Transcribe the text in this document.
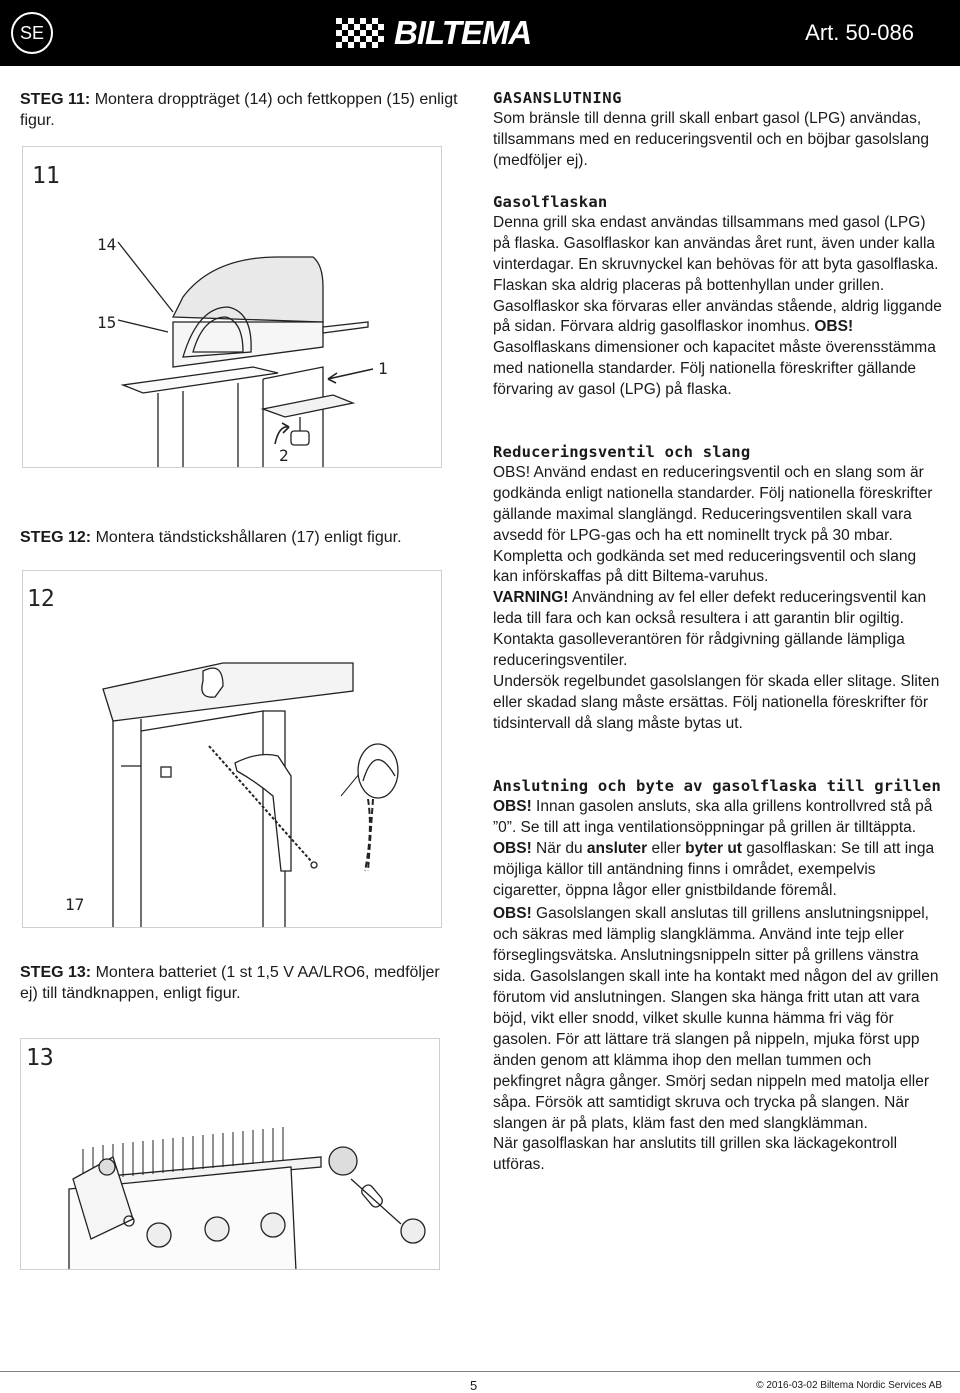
SE	BILTEMA	Art. 50-086
STEG 11: Montera droppträget (14) och fettkoppen (15) enligt figur.
11
14
15
1
2
STEG 12: Montera tändstickshållaren (17) enligt figur.
12
17
STEG 13: Montera batteriet (1 st 1,5 V AA/LRO6, medföljer ej) till tändknappen, enligt figur.
13

GASANSLUTNING

Som bränsle till denna grill skall enbart gasol (LPG) användas, tillsammans med en reduceringsventil och en böjbar gasolslang (medföljer ej).

Gasolflaskan

Denna grill ska endast användas tillsammans med gasol (LPG) på flaska. Gasolflaskor kan användas året runt, även under kalla vinterdagar. En skruvnyckel kan behövas för att byta gasolflaska. Flaskan ska aldrig placeras på bottenhyllan under grillen. Gasolflaskor ska förvaras eller användas stående, aldrig liggande på sidan. Förvara aldrig gasolflaskor inomhus. OBS! Gasolflaskans dimensioner och kapacitet måste överensstämma med nationella standarder. Följ nationella föreskrifter gällande förvaring av gasol (LPG) på flaska.

Reduceringsventil och slang

OBS! Använd endast en reduceringsventil och en slang som är godkända enligt nationella standarder. Följ nationella föreskrifter gällande maximal slanglängd. Reduceringsventilen skall vara avsedd för LPG-gas och ha ett nominellt tryck på 30 mbar. Kompletta och godkända set med reduceringsventil och slang kan införskaffas på ditt Biltema-varuhus.

VARNING! Användning av fel eller defekt reduceringsventil kan leda till fara och kan också resultera i att garantin blir ogiltig. Kontakta gasolleverantören för rådgivning gällande lämpliga reduceringsventiler.

Undersök regelbundet gasolslangen för skada eller slitage. Sliten eller skadad slang måste ersättas. Följ nationella föreskrifter för tidsintervall då slang måste bytas ut.

Anslutning och byte av gasolflaska till grillen

OBS! Innan gasolen ansluts, ska alla grillens kontrollvred stå på ”0”. Se till att inga ventilationsöppningar på grillen är tilltäppta.

OBS! När du ansluter eller byter ut gasolflaskan: Se till att inga möjliga källor till antändning finns i området, exempelvis cigaretter, öppna lågor eller gnistbildande föremål.

OBS! Gasolslangen skall anslutas till grillens anslutningsnippel, och säkras med lämplig slangklämma. Använd inte tejp eller förseglingsvätska. Anslutningsnippeln sitter på grillens vänstra sida. Gasolslangen skall inte ha kontakt med någon del av grillen förutom vid anslutningen. Slangen ska hänga fritt utan att vara böjd, vikt eller snodd, vilket skulle kunna hämma fri väg för gasolen. För att lättare trä slangen på nippeln, mjuka först upp änden genom att klämma ihop den mellan tummen och pekfingret några gånger. Smörj sedan nippeln med matolja eller såpa. Försök att samtidigt skruva och trycka på slangen. När slangen är på plats, kläm fast den med slangklämman.

När gasolflaskan har anslutits till grillen ska läckagekontroll utföras.

5	© 2016-03-02 Biltema Nordic Services AB
